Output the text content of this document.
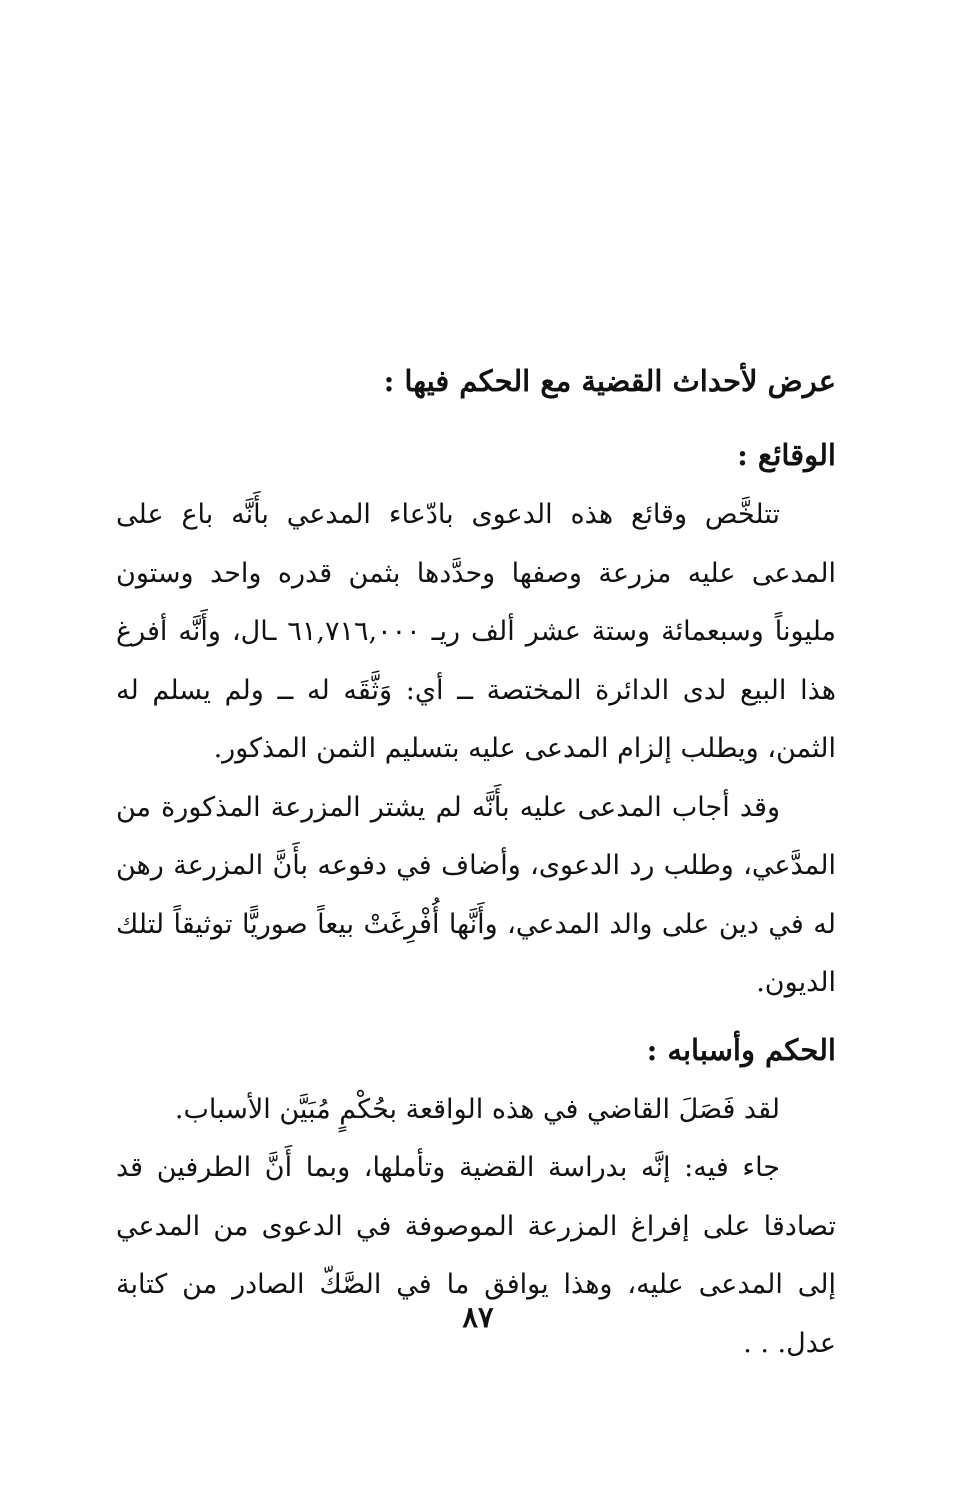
عرض لأحداث القضية مع الحكم فيها :
الوقائع :

تتلخَّص وقائع هذه الدعوى بادّعاء المدعي بأَنَّه باع على المدعى عليه مزرعة وصفها وحدَّدها بثمن قدره واحد وستون مليوناً وسبعمائة وستة عشر ألف ريـ ٦١,٧١٦,٠٠٠ ـال، وأَنَّه أفرغ هذا البيع لدى الدائرة المختصة ــ أي: وَثَّقَه له ــ ولم يسلم له الثمن، ويطلب إلزام المدعى عليه بتسليم الثمن المذكور.

وقد أجاب المدعى عليه بأَنَّه لم يشتر المزرعة المذكورة من المدَّعي، وطلب رد الدعوى، وأضاف في دفوعه بأَنَّ المزرعة رهن له في دين على والد المدعي، وأَنَّها أُفْرِغَتْ بيعاً صوريًّا توثيقاً لتلك الديون.

الحكم وأسبابه :

لقد فَصَلَ القاضي في هذه الواقعة بحُكْمٍ مُبَيَّن الأسباب.

جاء فيه: إنَّه بدراسة القضية وتأملها، وبما أَنَّ الطرفين قد تصادقا على إفراغ المزرعة الموصوفة في الدعوى من المدعي إلى المدعى عليه، وهذا يوافق ما في الصَّكّ الصادر من كتابة عدل. . .

٨٧
